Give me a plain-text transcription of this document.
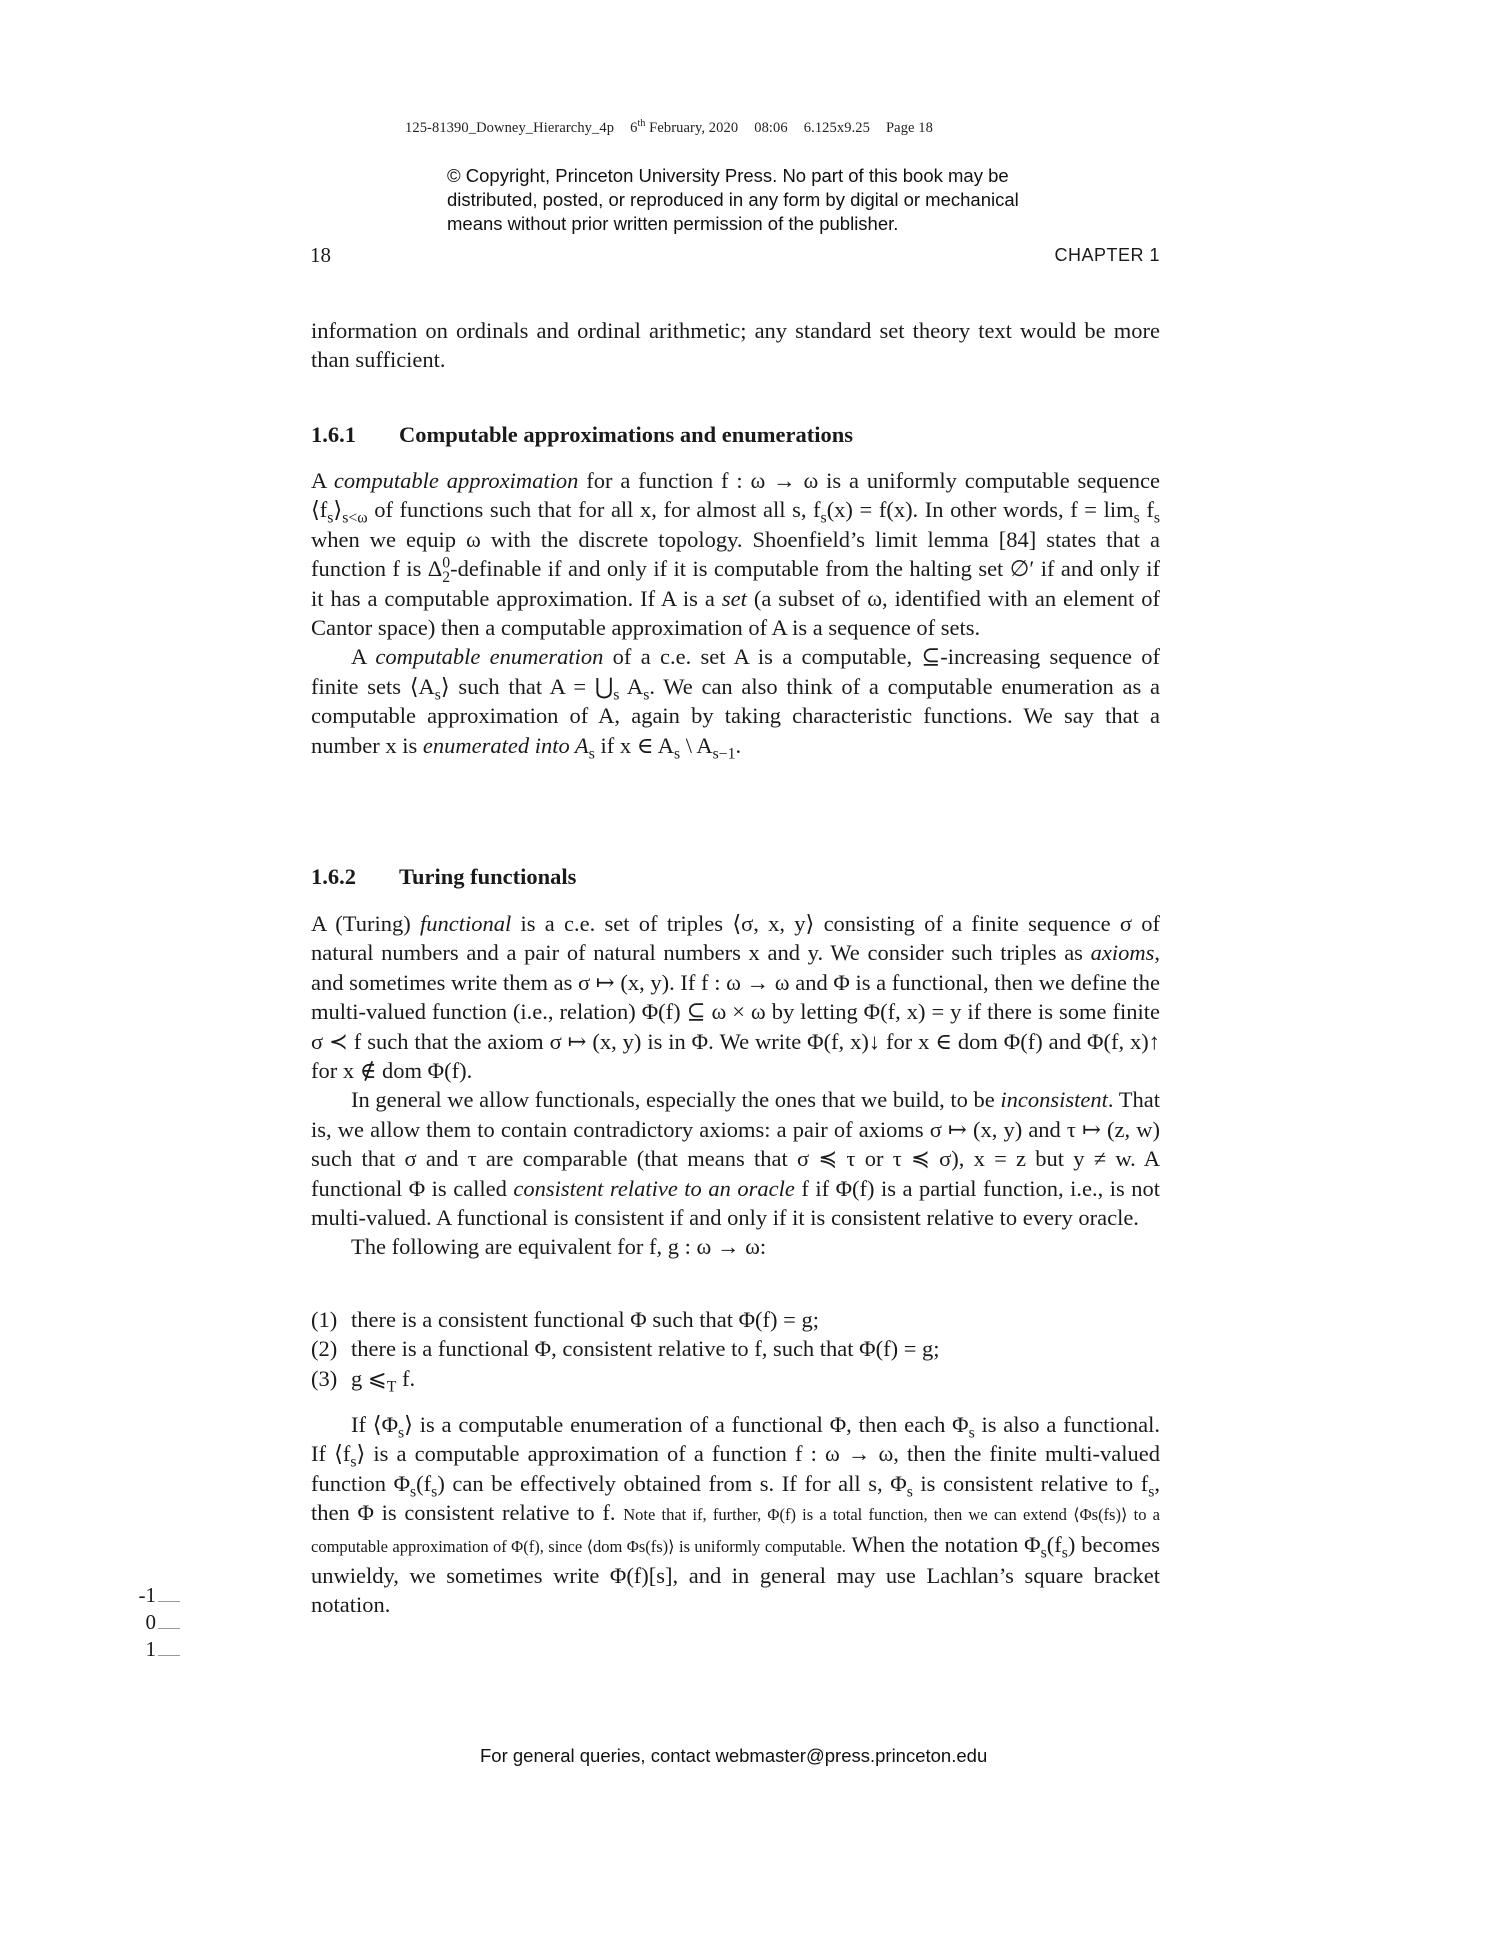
125-81390_Downey_Hierarchy_4p 6th February, 2020 08:06 6.125x9.25 Page 18
© Copyright, Princeton University Press. No part of this book may be
distributed, posted, or reproduced in any form by digital or mechanical
means without prior written permission of the publisher.
18	CHAPTER 1

information on ordinals and ordinal arithmetic; any standard set theory text would be more than sufficient.

1.6.1 Computable approximations and enumerations

A computable approximation for a function f : ω → ω is a uniformly computable sequence $⟨f_s⟩_{s<\omega}$ of functions such that for all x, for almost all s, $f_s(x) = f(x)$. In other words, $f = \lim_s f_s$ when we equip ω with the discrete topology. Shoenfield’s limit lemma [84] states that a function f is $\Delta^0_2$-definable if and only if it is computable from the halting set ∅′ if and only if it has a computable approximation. If A is a set (a subset of ω, identified with an element of Cantor space) then a computable approximation of A is a sequence of sets.

A computable enumeration of a c.e. set A is a computable, ⊆-increasing sequence of finite sets $⟨A_s⟩$ such that $A = ⋃_s$ $A_s$. We can also think of a computable enumeration as a computable approximation of A, again by taking characteristic functions. We say that a number x is enumerated into $A_s$ if x ∈ $A_s$ \ $A_{s-1}$.

1.6.2 Turing functionals

A (Turing) functional is a c.e. set of triples ⟨σ, x, y⟩ consisting of a finite sequence σ of natural numbers and a pair of natural numbers x and y. We consider such triples as axioms, and sometimes write them as σ ↦ (x, y). If f : ω → ω and Φ is a functional, then we define the multi-valued function (i.e., relation) Φ(f) ⊆ ω × ω by letting Φ(f, x) = y if there is some finite σ ≺ f such that the axiom σ ↦ (x, y) is in Φ. We write Φ(f, x)↓ for x ∈ dom Φ(f) and Φ(f, x)↑ for x ∉ dom Φ(f).

In general we allow functionals, especially the ones that we build, to be inconsistent. That is, we allow them to contain contradictory axioms: a pair of axioms σ ↦ (x, y) and τ ↦ (z, w) such that σ and τ are comparable (that means that σ ≼ τ or τ ≼ σ), x = z but y ≠ w. A functional Φ is called consistent relative to an oracle f if Φ(f) is a partial function, i.e., is not multi-valued. A functional is consistent if and only if it is consistent relative to every oracle.

The following are equivalent for f, g : ω → ω:

(1) there is a consistent functional Φ such that Φ(f) = g;
(2) there is a functional Φ, consistent relative to f, such that Φ(f) = g;
(3) g $⩽_T$ f.

If $⟨\Phi_s⟩$ is a computable enumeration of a functional Φ, then each $\Phi_s$ is also a functional. If $⟨f_s⟩$ is a computable approximation of a function f : ω → ω, then the finite multi-valued function $\Phi_s(f_s)$ can be effectively obtained from s. If for all s, $\Phi_s$ is consistent relative to $f_s$, then Φ is consistent relative to f. Note that if, further, Φ(f) is a total function, then we can extend ⟨Φs(fs)⟩ to a computable approximation of Φ(f), since ⟨dom Φs(fs)⟩ is uniformly computable. When the notation $\Phi_s(f_s)$ becomes unwieldy, we sometimes write Φ(f)[s], and in general may use Lachlan’s square bracket notation.

-1
0
1
For general queries, contact webmaster@press.princeton.edu
